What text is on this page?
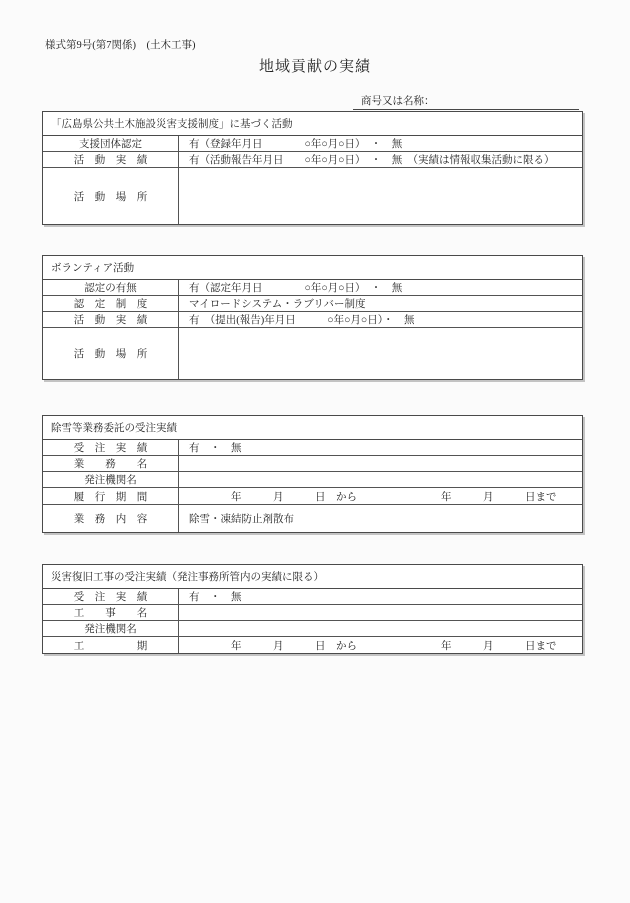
様式第9号(第7関係)　(土木工事)
地域貢献の実績
商号又は名称：
「広島県公共土木施設災害支援制度」に基づく活動
支援団体認定	有（登録年月日　　　　○年○月○日）　・　無
活　動　実　績	有（活動報告年月日　　○年○月○日）　・　無　（実績は情報収集活動に限る）
活　動　場　所
ボランティア活動
認定の有無	有（認定年月日　　　　○年○月○日）　・　無
認　定　制　度	マイロードシステム・ラブリバー制度
活　動　実　績	有　（提出(報告)年月日　　　○年○月○日）・　無
活　動　場　所
除雪等業務委託の受注実績
受　注　実　績	有　・　無
業　　務　　名
発注機関名
履　行　期　間	　　　　年　　　月　　　日　から　　　　　　　　年　　　月　　　日まで
業　務　内　容	除雪・凍結防止剤散布
災害復旧工事の受注実績（発注事務所管内の実績に限る）
受　注　実　績	有　・　無
工　　事　　名
発注機関名
工　　　　　期	　　　　年　　　月　　　日　から　　　　　　　　年　　　月　　　日まで
